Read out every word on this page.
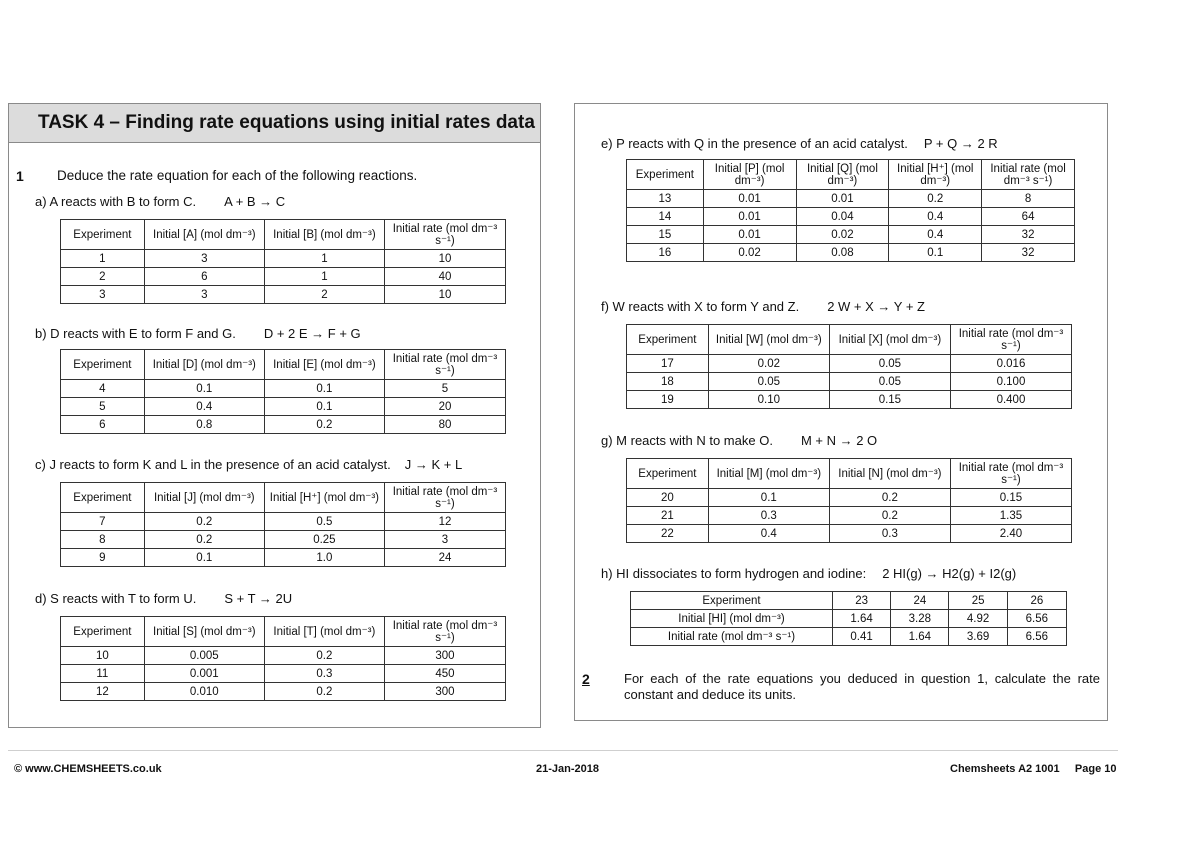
TASK 4 – Finding rate equations using initial rates data
1 Deduce the rate equation for each of the following reactions.
a) A reacts with B to form C. A + B → C
Experiment	Initial [A] (mol dm⁻³)	Initial [B] (mol dm⁻³)	Initial rate (mol dm⁻³ s⁻¹)
1	3	1	10
2	6	1	40
3	3	2	10
b) D reacts with E to form F and G. D + 2 E → F + G
Experiment	Initial [D] (mol dm⁻³)	Initial [E] (mol dm⁻³)	Initial rate (mol dm⁻³ s⁻¹)
4	0.1	0.1	5
5	0.4	0.1	20
6	0.8	0.2	80
c) J reacts to form K and L in the presence of an acid catalyst. J → K + L
Experiment	Initial [J] (mol dm⁻³)	Initial [H⁺] (mol dm⁻³)	Initial rate (mol dm⁻³ s⁻¹)
7	0.2	0.5	12
8	0.2	0.25	3
9	0.1	1.0	24
d) S reacts with T to form U. S + T → 2U
Experiment	Initial [S] (mol dm⁻³)	Initial [T] (mol dm⁻³)	Initial rate (mol dm⁻³ s⁻¹)
10	0.005	0.2	300
11	0.001	0.3	450
12	0.010	0.2	300
e) P reacts with Q in the presence of an acid catalyst. P + Q → 2 R
Experiment	Initial [P] (mol dm⁻³)	Initial [Q] (mol dm⁻³)	Initial [H⁺] (mol dm⁻³)	Initial rate (mol dm⁻³ s⁻¹)
13	0.01	0.01	0.2	8
14	0.01	0.04	0.4	64
15	0.01	0.02	0.4	32
16	0.02	0.08	0.1	32
f) W reacts with X to form Y and Z. 2 W + X → Y + Z
Experiment	Initial [W] (mol dm⁻³)	Initial [X] (mol dm⁻³)	Initial rate (mol dm⁻³ s⁻¹)
17	0.02	0.05	0.016
18	0.05	0.05	0.100
19	0.10	0.15	0.400
g) M reacts with N to make O. M + N → 2 O
Experiment	Initial [M] (mol dm⁻³)	Initial [N] (mol dm⁻³)	Initial rate (mol dm⁻³ s⁻¹)
20	0.1	0.2	0.15
21	0.3	0.2	1.35
22	0.4	0.3	2.40
h) HI dissociates to form hydrogen and iodine: 2 HI(g) → H2(g) + I2(g)
Experiment	23	24	25	26
Initial [HI] (mol dm⁻³)	1.64	3.28	4.92	6.56
Initial rate (mol dm⁻³ s⁻¹)	0.41	1.64	3.69	6.56
2	For each of the rate equations you deduced in question 1, calculate the rate constant and deduce its units.
© www.CHEMSHEETS.co.uk	21-Jan-2018	Chemsheets A2 1001     Page 10
